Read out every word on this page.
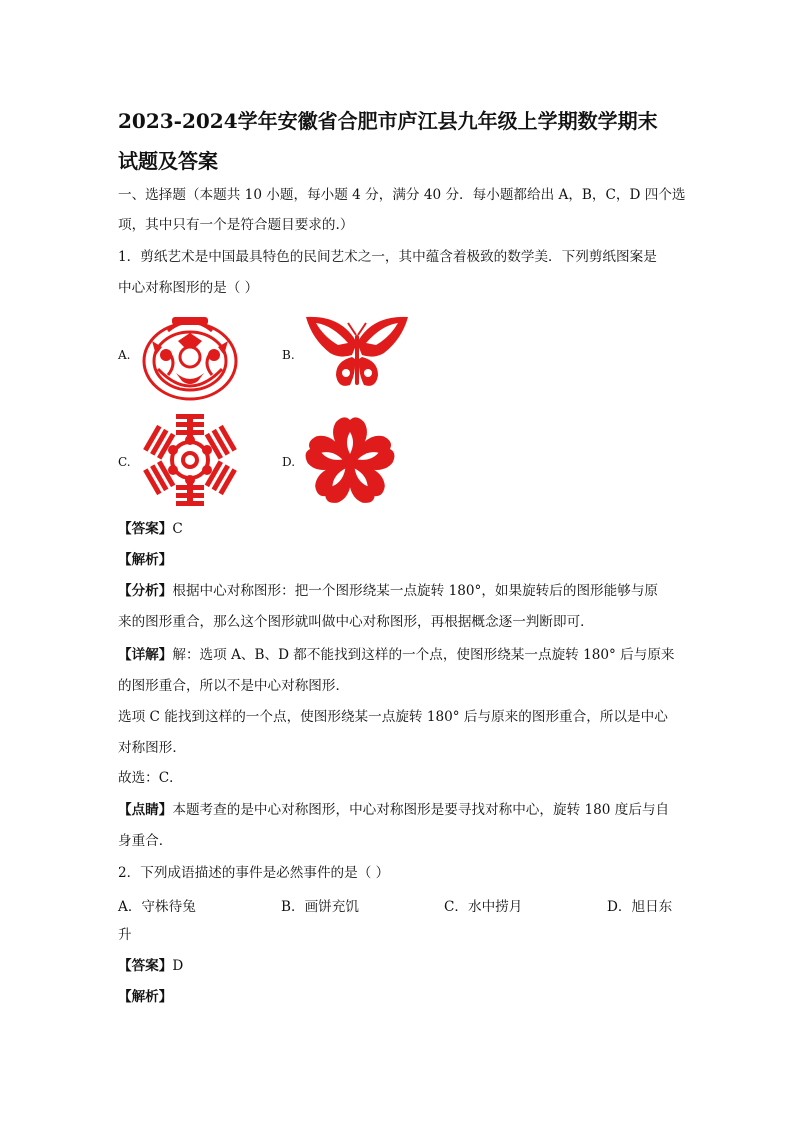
2023-2024学年安徽省合肥市庐江县九年级上学期数学期末
试题及答案
一、选择题（本题共 10 小题，每小题 4 分，满分 40 分．每小题都给出 A，B，C，D 四个选
项，其中只有一个是符合题目要求的.）
1．剪纸艺术是中国最具特色的民间艺术之一，其中蕴含着极致的数学美．下列剪纸图案是
中心对称图形的是（ ）
A.	B.
C.	D.
【答案】C
【解析】
【分析】根据中心对称图形：把一个图形绕某一点旋转 180°，如果旋转后的图形能够与原
来的图形重合，那么这个图形就叫做中心对称图形，再根据概念逐一判断即可．
【详解】解：选项 A、B、D 都不能找到这样的一个点，使图形绕某一点旋转 180° 后与原来
的图形重合，所以不是中心对称图形．
选项 C 能找到这样的一个点，使图形绕某一点旋转 180° 后与原来的图形重合，所以是中心
对称图形．
故选：C．
【点睛】本题考查的是中心对称图形，中心对称图形是要寻找对称中心，旋转 180 度后与自
身重合．
2．下列成语描述的事件是必然事件的是（ ）
A．守株待兔	B．画饼充饥	C．水中捞月	D．旭日东
升
【答案】D
【解析】
